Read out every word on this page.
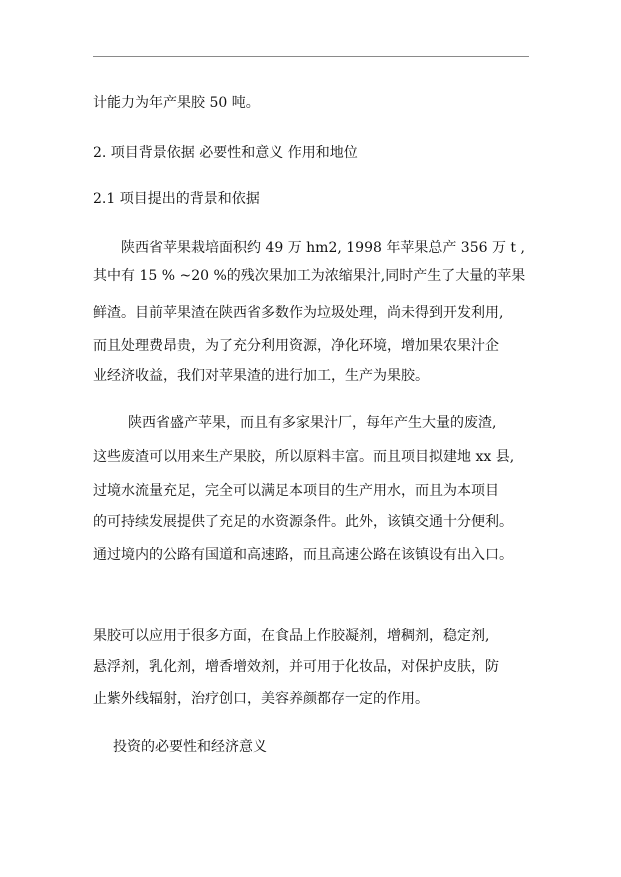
计能力为年产果胶 50 吨。

2. 项目背景依据 必要性和意义 作用和地位

2.1 项目提出的背景和依据

陕西省苹果栽培面积约 49 万 hm2, 1998 年苹果总产 356 万 t ,

其中有 15 % ~20 %的残次果加工为浓缩果汁,同时产生了大量的苹果

鲜渣。目前苹果渣在陕西省多数作为垃圾处理，尚未得到开发利用,

而且处理费昂贵，为了充分利用资源，净化环境，增加果农果汁企

业经济收益，我们对苹果渣的进行加工，生产为果胶。

陕西省盛产苹果，而且有多家果汁厂，每年产生大量的废渣,

这些废渣可以用来生产果胶，所以原料丰富。而且项目拟建地 xx 县,

过境水流量充足，完全可以满足本项目的生产用水，而且为本项目

的可持续发展提供了充足的水资源条件。此外，该镇交通十分便利。

通过境内的公路有国道和高速路，而且高速公路在该镇设有出入口。

果胶可以应用于很多方面，在食品上作胶凝剂，增稠剂，稳定剂,

悬浮剂，乳化剂，增香增效剂，并可用于化妆品，对保护皮肤，防

止紫外线辐射，治疗创口，美容养颜都存一定的作用。

投资的必要性和经济意义
